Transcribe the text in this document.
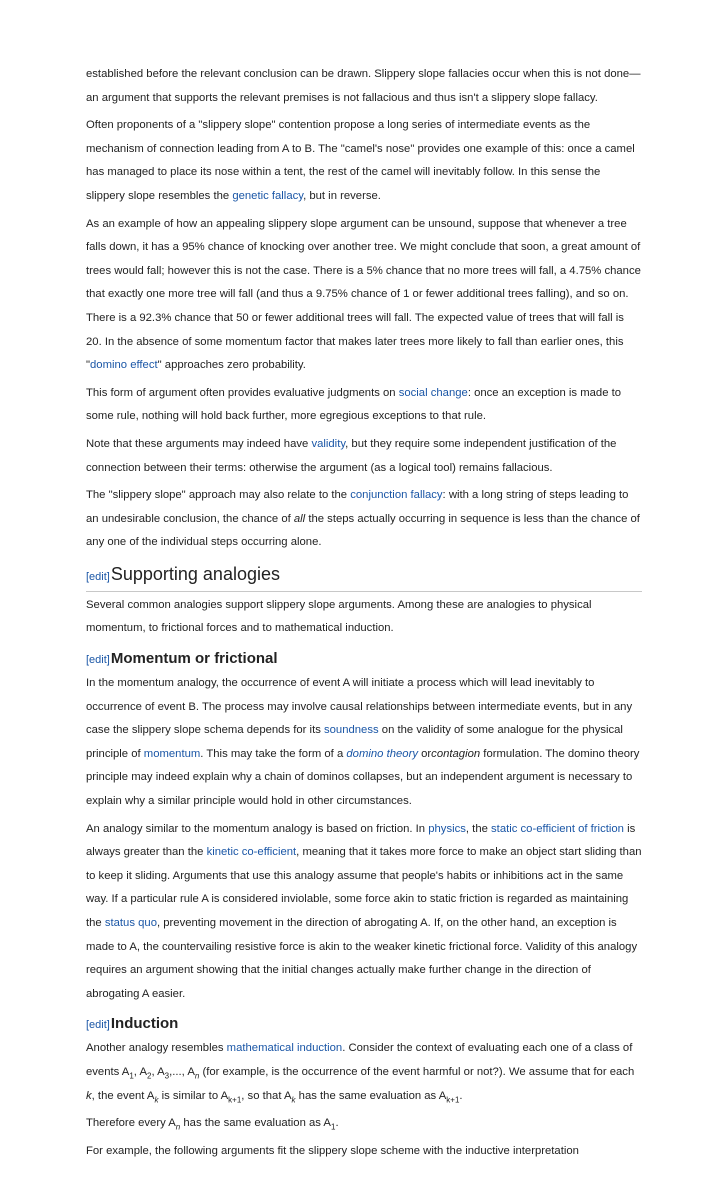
established before the relevant conclusion can be drawn. Slippery slope fallacies occur when this is not done—an argument that supports the relevant premises is not fallacious and thus isn't a slippery slope fallacy.

Often proponents of a "slippery slope" contention propose a long series of intermediate events as the mechanism of connection leading from A to B. The "camel's nose" provides one example of this: once a camel has managed to place its nose within a tent, the rest of the camel will inevitably follow. In this sense the slippery slope resembles the genetic fallacy, but in reverse.

As an example of how an appealing slippery slope argument can be unsound, suppose that whenever a tree falls down, it has a 95% chance of knocking over another tree. We might conclude that soon, a great amount of trees would fall; however this is not the case. There is a 5% chance that no more trees will fall, a 4.75% chance that exactly one more tree will fall (and thus a 9.75% chance of 1 or fewer additional trees falling), and so on. There is a 92.3% chance that 50 or fewer additional trees will fall. The expected value of trees that will fall is 20. In the absence of some momentum factor that makes later trees more likely to fall than earlier ones, this "domino effect" approaches zero probability.

This form of argument often provides evaluative judgments on social change: once an exception is made to some rule, nothing will hold back further, more egregious exceptions to that rule.

Note that these arguments may indeed have validity, but they require some independent justification of the connection between their terms: otherwise the argument (as a logical tool) remains fallacious.

The "slippery slope" approach may also relate to the conjunction fallacy: with a long string of steps leading to an undesirable conclusion, the chance of all the steps actually occurring in sequence is less than the chance of any one of the individual steps occurring alone.

[edit]Supporting analogies

Several common analogies support slippery slope arguments. Among these are analogies to physical momentum, to frictional forces and to mathematical induction.

[edit]Momentum or frictional

In the momentum analogy, the occurrence of event A will initiate a process which will lead inevitably to occurrence of event B. The process may involve causal relationships between intermediate events, but in any case the slippery slope schema depends for its soundness on the validity of some analogue for the physical principle of momentum. This may take the form of a domino theory orcontagion formulation. The domino theory principle may indeed explain why a chain of dominos collapses, but an independent argument is necessary to explain why a similar principle would hold in other circumstances.

An analogy similar to the momentum analogy is based on friction. In physics, the static co-efficient of friction is always greater than the kinetic co-efficient, meaning that it takes more force to make an object start sliding than to keep it sliding. Arguments that use this analogy assume that people's habits or inhibitions act in the same way. If a particular rule A is considered inviolable, some force akin to static friction is regarded as maintaining the status quo, preventing movement in the direction of abrogating A. If, on the other hand, an exception is made to A, the countervailing resistive force is akin to the weaker kinetic frictional force. Validity of this analogy requires an argument showing that the initial changes actually make further change in the direction of abrogating A easier.

[edit]Induction

Another analogy resembles mathematical induction. Consider the context of evaluating each one of a class of events $A_1$, $A_2$, $A_3$,..., $A_n$ (for example, is the occurrence of the event harmful or not?). We assume that for each k, the event $A_k$ is similar to $A_{k+1}$, so that $A_k$ has the same evaluation as $A_{k+1}$.

Therefore every $A_n$ has the same evaluation as $A_1$.

For example, the following arguments fit the slippery slope scheme with the inductive interpretation
